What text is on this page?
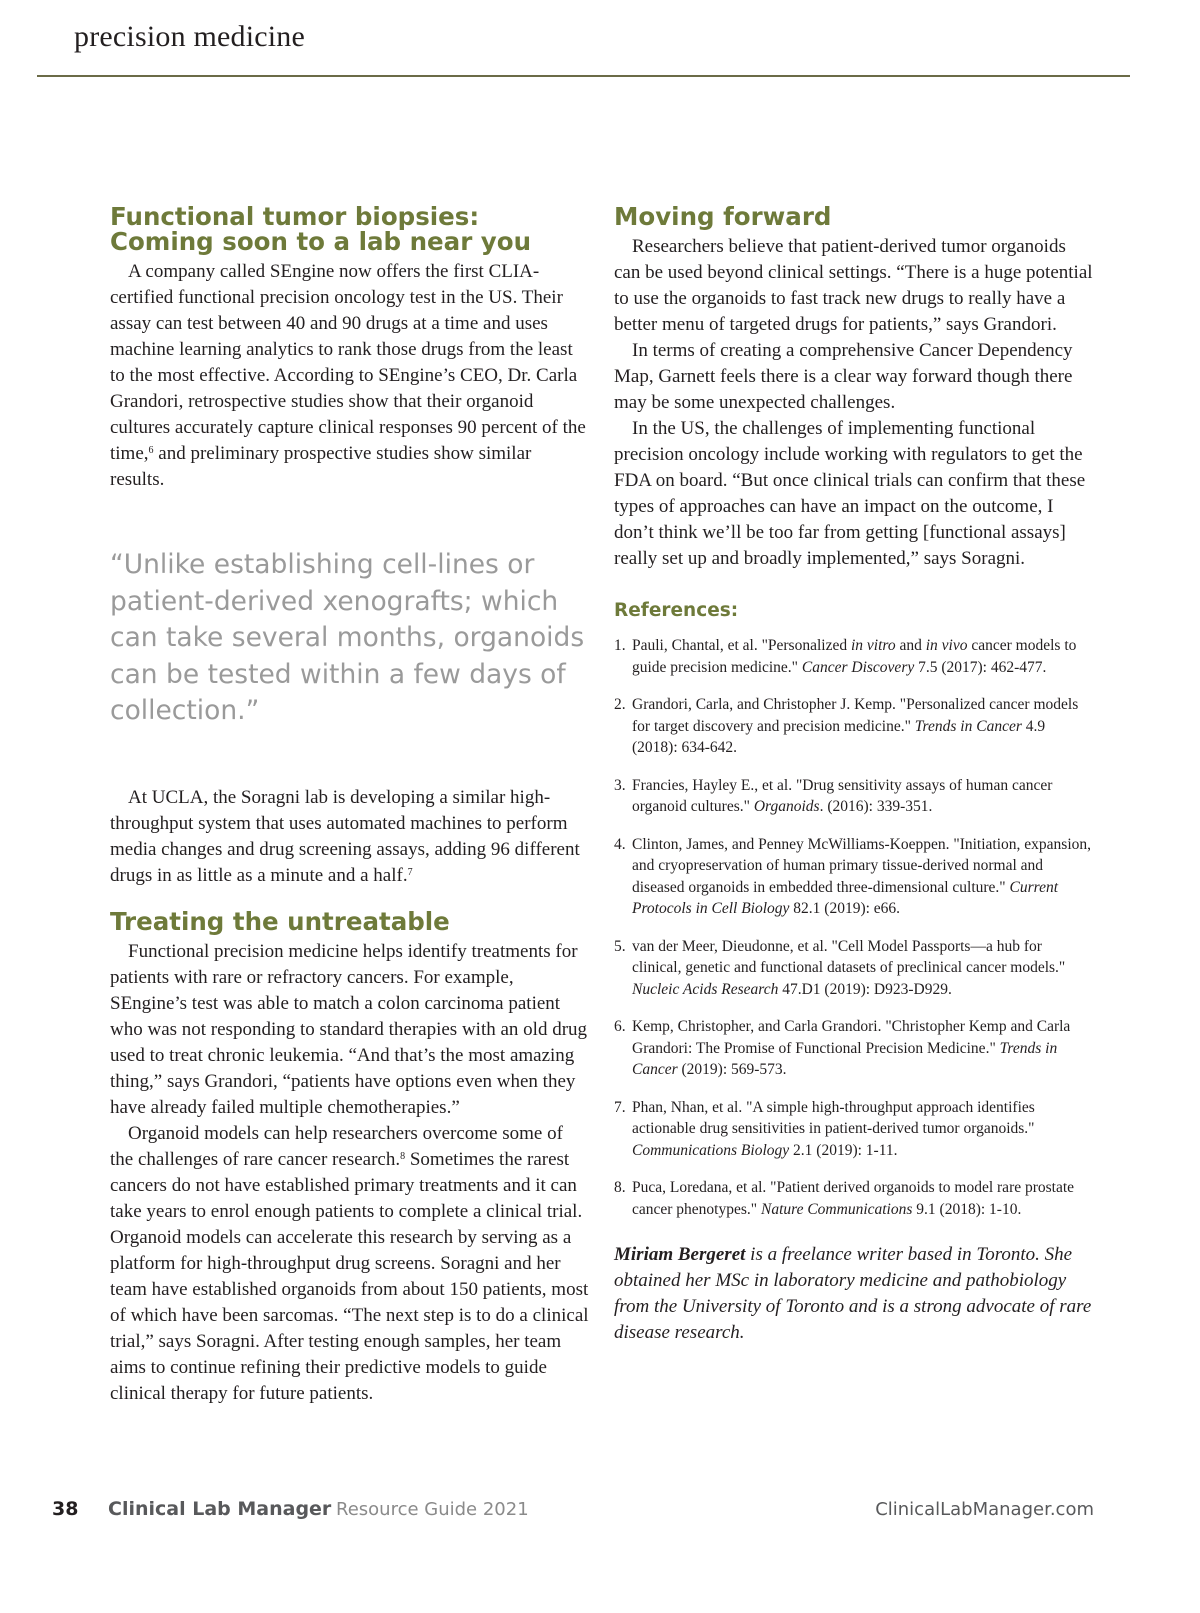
precision medicine
Functional tumor biopsies: Coming soon to a lab near you

A company called SEngine now offers the first CLIA-certified functional precision oncology test in the US. Their assay can test between 40 and 90 drugs at a time and uses machine learning analytics to rank those drugs from the least to the most effective. According to SEngine’s CEO, Dr. Carla Grandori, retrospective studies show that their organoid cultures accurately capture clinical responses 90 percent of the time,$^6$ and preliminary prospective studies show similar results.

“Unlike establishing cell-lines or patient-derived xenografts; which can take several months, organoids can be tested within a few days of collection.”

At UCLA, the Soragni lab is developing a similar high-throughput system that uses automated machines to perform media changes and drug screening assays, adding 96 different drugs in as little as a minute and a half.$^7$

Treating the untreatable

Functional precision medicine helps identify treatments for patients with rare or refractory cancers. For example, SEngine’s test was able to match a colon carcinoma patient who was not responding to standard therapies with an old drug used to treat chronic leukemia. “And that’s the most amazing thing,” says Grandori, “patients have options even when they have already failed multiple chemotherapies.”

Organoid models can help researchers overcome some of the challenges of rare cancer research.$^8$ Sometimes the rarest cancers do not have established primary treatments and it can take years to enrol enough patients to complete a clinical trial. Organoid models can accelerate this research by serving as a platform for high-throughput drug screens. Soragni and her team have established organoids from about 150 patients, most of which have been sarcomas. “The next step is to do a clinical trial,” says Soragni. After testing enough samples, her team aims to continue refining their predictive models to guide clinical therapy for future patients.

Moving forward

Researchers believe that patient-derived tumor organoids can be used beyond clinical settings. “There is a huge potential to use the organoids to fast track new drugs to really have a better menu of targeted drugs for patients,” says Grandori.

In terms of creating a comprehensive Cancer Dependency Map, Garnett feels there is a clear way forward though there may be some unexpected challenges.

In the US, the challenges of implementing functional precision oncology include working with regulators to get the FDA on board. “But once clinical trials can confirm that these types of approaches can have an impact on the outcome, I don’t think we’ll be too far from getting [functional assays] really set up and broadly implemented,” says Soragni.

References:
1. Pauli, Chantal, et al. "Personalized in vitro and in vivo cancer models to guide precision medicine." Cancer Discovery 7.5 (2017): 462-477.
2. Grandori, Carla, and Christopher J. Kemp. "Personalized cancer models for target discovery and precision medicine." Trends in Cancer 4.9 (2018): 634-642.
3. Francies, Hayley E., et al. "Drug sensitivity assays of human cancer organoid cultures." Organoids. (2016): 339-351.
4. Clinton, James, and Penney McWilliams-Koeppen. "Initiation, expansion, and cryopreservation of human primary tissue-derived normal and diseased organoids in embedded three-dimensional culture." Current Protocols in Cell Biology 82.1 (2019): e66.
5. van der Meer, Dieudonne, et al. "Cell Model Passports—a hub for clinical, genetic and functional datasets of preclinical cancer models." Nucleic Acids Research 47.D1 (2019): D923-D929.
6. Kemp, Christopher, and Carla Grandori. "Christopher Kemp and Carla Grandori: The Promise of Functional Precision Medicine." Trends in Cancer (2019): 569-573.
7. Phan, Nhan, et al. "A simple high-throughput approach identifies actionable drug sensitivities in patient-derived tumor organoids." Communications Biology 2.1 (2019): 1-11.
8. Puca, Loredana, et al. "Patient derived organoids to model rare prostate cancer phenotypes." Nature Communications 9.1 (2018): 1-10.

Miriam Bergeret is a freelance writer based in Toronto. She obtained her MSc in laboratory medicine and pathobiology from the University of Toronto and is a strong advocate of rare disease research.

38 Clinical Lab Manager Resource Guide 2021	ClinicalLabManager.com
